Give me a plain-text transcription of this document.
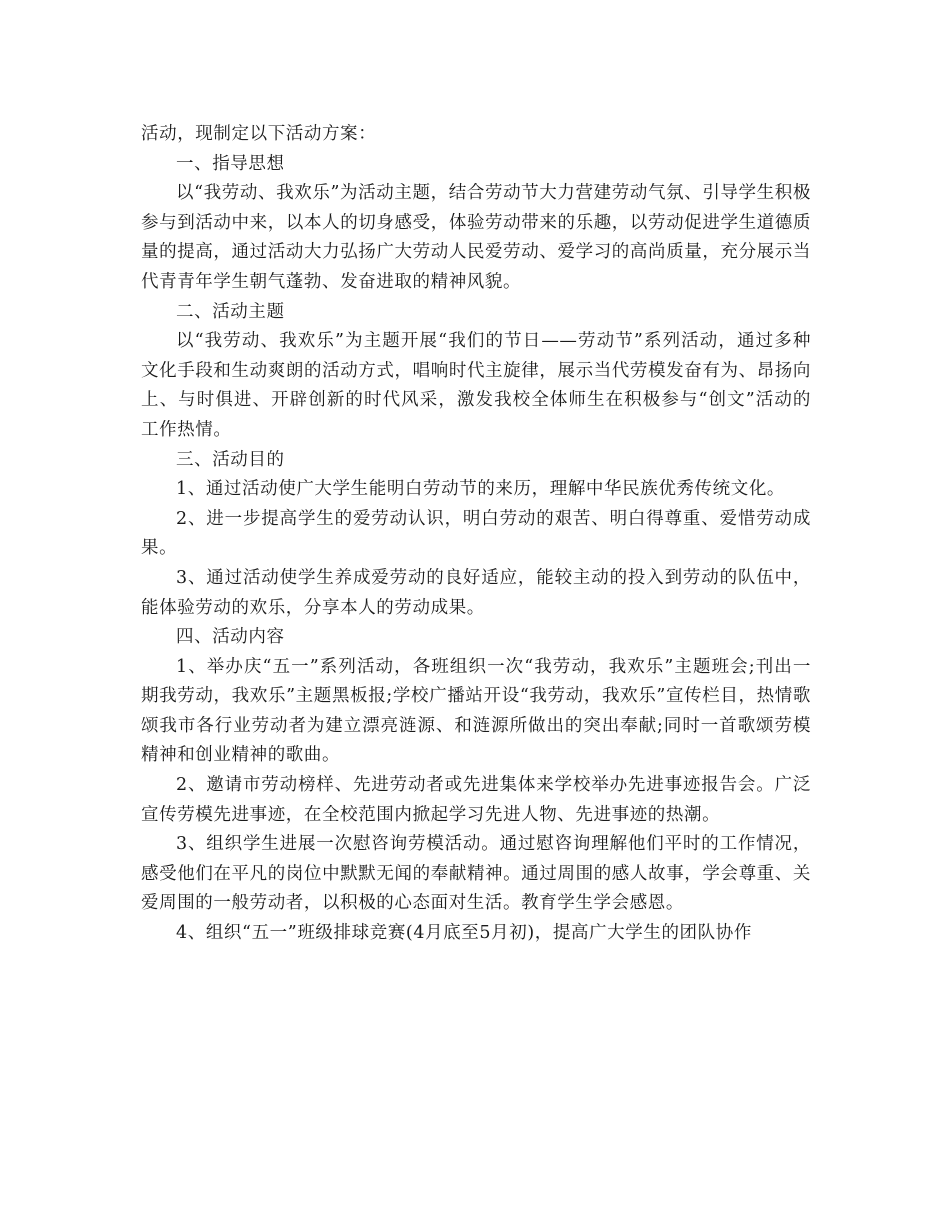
活动，现制定以下活动方案：

一、指导思想

以“我劳动、我欢乐”为活动主题，结合劳动节大力营建劳动气氛、引导学生积极参与到活动中来，以本人的切身感受，体验劳动带来的乐趣，以劳动促进学生道德质量的提高，通过活动大力弘扬广大劳动人民爱劳动、爱学习的高尚质量，充分展示当代青青年学生朝气蓬勃、发奋进取的精神风貌。

二、活动主题

以“我劳动、我欢乐”为主题开展“我们的节日——劳动节”系列活动，通过多种文化手段和生动爽朗的活动方式，唱响时代主旋律，展示当代劳模发奋有为、昂扬向上、与时俱进、开辟创新的时代风采，激发我校全体师生在积极参与“创文”活动的工作热情。

三、活动目的

1、通过活动使广大学生能明白劳动节的来历，理解中华民族优秀传统文化。

2、进一步提高学生的爱劳动认识，明白劳动的艰苦、明白得尊重、爱惜劳动成果。

3、通过活动使学生养成爱劳动的良好适应，能较主动的投入到劳动的队伍中，能体验劳动的欢乐，分享本人的劳动成果。

四、活动内容

1、举办庆“五一”系列活动，各班组织一次“我劳动，我欢乐”主题班会;刊出一期我劳动，我欢乐”主题黑板报;学校广播站开设“我劳动，我欢乐”宣传栏目，热情歌颂我市各行业劳动者为建立漂亮涟源、和涟源所做出的突出奉献;同时一首歌颂劳模精神和创业精神的歌曲。

2、邀请市劳动榜样、先进劳动者或先进集体来学校举办先进事迹报告会。广泛宣传劳模先进事迹，在全校范围内掀起学习先进人物、先进事迹的热潮。

3、组织学生进展一次慰咨询劳模活动。通过慰咨询理解他们平时的工作情况，感受他们在平凡的岗位中默默无闻的奉献精神。通过周围的感人故事，学会尊重、关爱周围的一般劳动者，以积极的心态面对生活。教育学生学会感恩。

4、组织“五一”班级排球竞赛(4月底至5月初)，提高广大学生的团队协作
